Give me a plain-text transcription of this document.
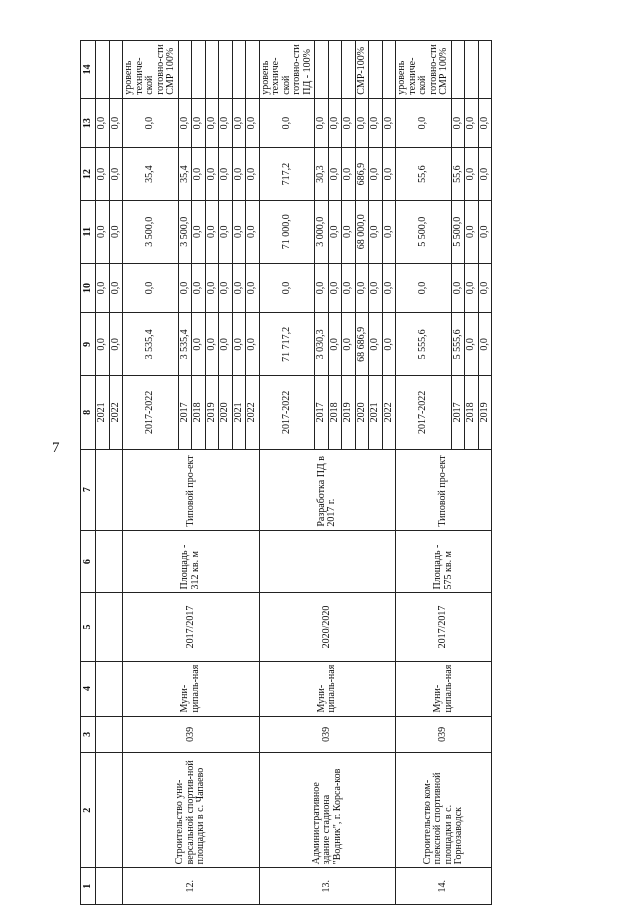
7
1	2	3	4	5	6	7	8	9	10	11	12	13	14
							2021	0,0	0,0	0,0	0,0	0,0	
							2022	0,0	0,0	0,0	0,0	0,0	
12.	Строительство уни-версальной спортив-ной площадки в с. Чапаево	039	Муни-ципаль-ная	2017/2017	Площадь - 312 кв. м	Типовой про-ект	2017-2022	3 535,4	0,0	3 500,0	35,4	0,0	уровень техниче-ской готовно-сти СМР 100%
							2017	3 535,4	0,0	3 500,0	35,4	0,0	
							2018	0,0	0,0	0,0	0,0	0,0	
							2019	0,0	0,0	0,0	0,0	0,0	
							2020	0,0	0,0	0,0	0,0	0,0	
							2021	0,0	0,0	0,0	0,0	0,0	
							2022	0,0	0,0	0,0	0,0	0,0	
13.	Административное здание стадиона "Водник", г. Корса-ков	039	Муни-ципаль-ная	2020/2020		Разработка ПД в 2017 г.	2017-2022	71 717,2	0,0	71 000,0	717,2	0,0	уровень техниче-ской готовно-сти ПД - 100%
							2017	3 030,3	0,0	3 000,0	30,3	0,0	
							2018	0,0	0,0	0,0	0,0	0,0	
							2019	0,0	0,0	0,0	0,0	0,0	
							2020	68 686,9	0,0	68 000,0	686,9	0,0	СМР-100%
							2021	0,0	0,0	0,0	0,0	0,0	
							2022	0,0	0,0	0,0	0,0	0,0	
14.	Строительство ком-плексной спортивной площадки в с. Горнозаводск	039	Муни-ципаль-ная	2017/2017	Площадь - 575 кв. м	Типовой про-ект	2017-2022	5 555,6	0,0	5 500,0	55,6	0,0	уровень техниче-ской готовно-сти СМР 100%
							2017	5 555,6	0,0	5 500,0	55,6	0,0	
							2018	0,0	0,0	0,0	0,0	0,0	
							2019	0,0	0,0	0,0	0,0	0,0	
